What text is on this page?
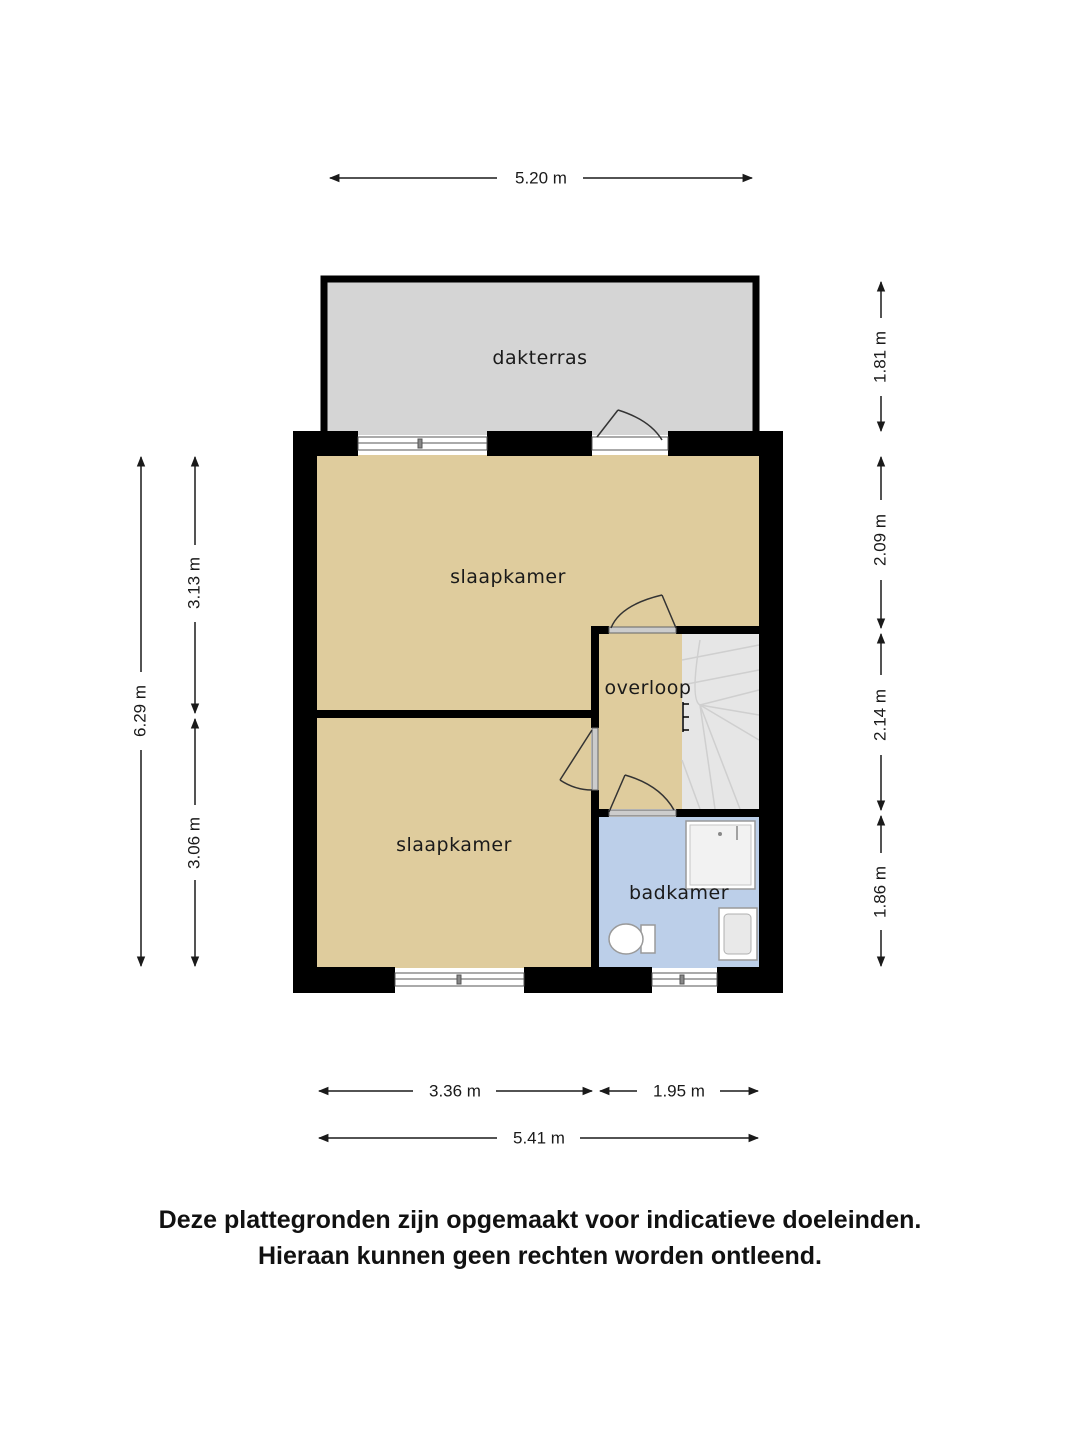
dakterras
slaapkamer
overloop
slaapkamer
badkamer
5.20 m
6.29 m
3.13 m
3.06 m
1.81 m
2.09 m
2.14 m
1.86 m
3.36 m	1.95 m
5.41 m
Deze plattegronden zijn opgemaakt voor indicatieve doeleinden.
Hieraan kunnen geen rechten worden ontleend.
